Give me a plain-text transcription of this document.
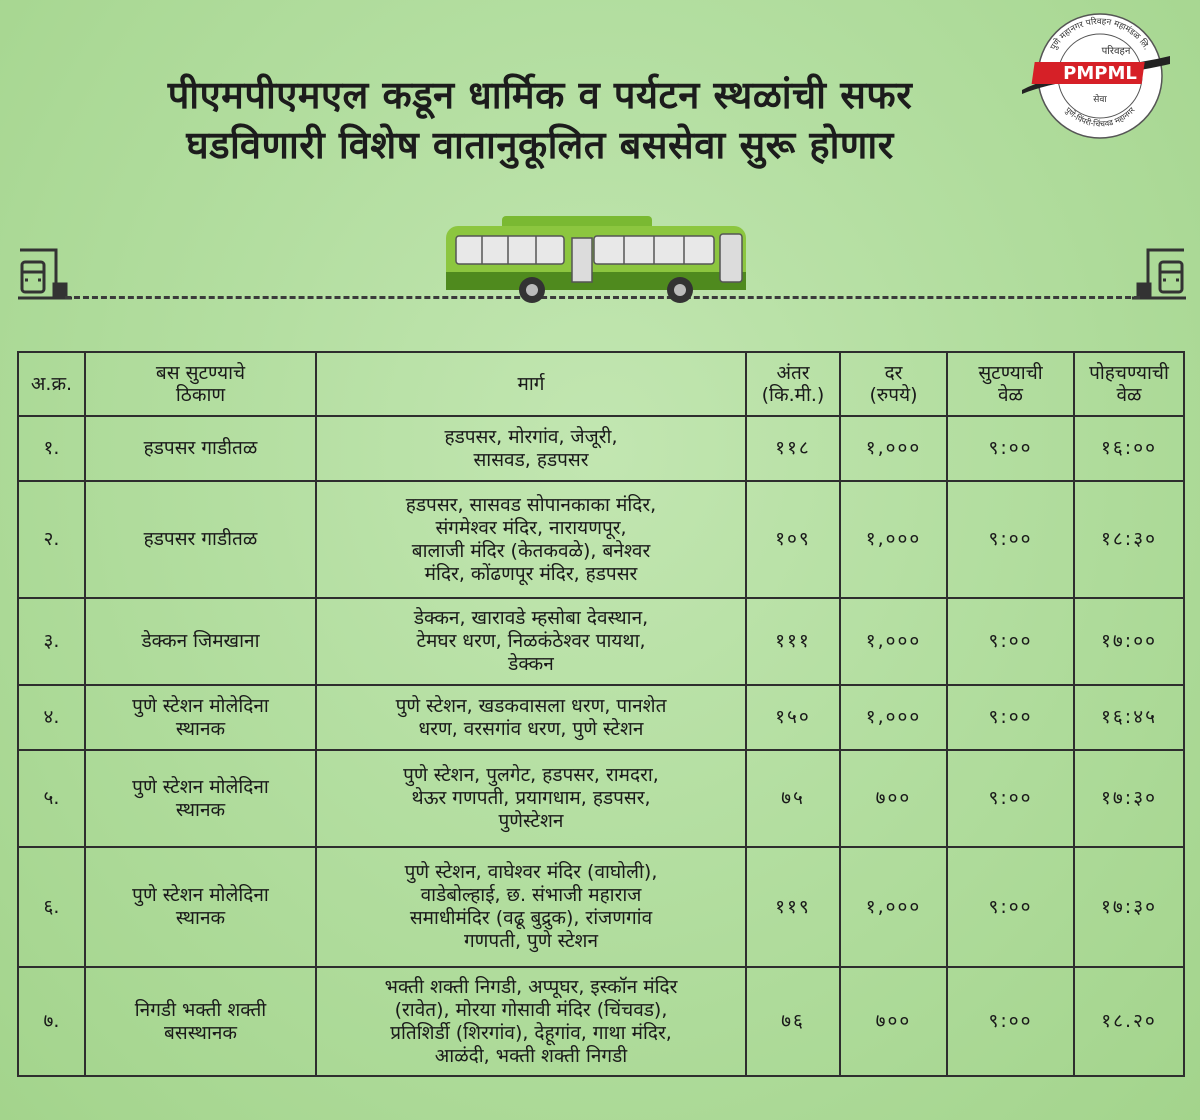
पीएमपीएमएल कडून धार्मिक व पर्यटन स्थळांची सफर
घडविणारी विशेष वातानुकूलित बससेवा सुरू होणार
पुणे महानगर परिवहन महामंडळ लि.
पुणे-पिंपरी-चिंचवड महानगर
परिवहन
PMPML
सेवा
अ.क्र.	बस सुटण्याचे
ठिकाण	मार्ग	अंतर
(कि.मी.)	दर
(रुपये)	सुटण्याची
वेळ	पोहचण्याची
वेळ

१.	हडपसर गाडीतळ	हडपसर, मोरगांव, जेजूरी,
सासवड, हडपसर	११८	१,०००	९:००	१६:००
२.	हडपसर गाडीतळ	हडपसर, सासवड सोपानकाका मंदिर,
संगमेश्वर मंदिर, नारायणपूर,
बालाजी मंदिर (केतकवळे), बनेश्वर
मंदिर, कोंढणपूर मंदिर, हडपसर	१०९	१,०००	९:००	१८:३०
३.	डेक्कन जिमखाना	डेक्कन, खारावडे म्हसोबा देवस्थान,
टेमघर धरण, निळकंठेश्वर पायथा,
डेक्कन	१११	१,०००	९:००	१७:००
४.	पुणे स्टेशन मोलेदिना
स्थानक	पुणे स्टेशन, खडकवासला धरण, पानशेत
धरण, वरसगांव धरण, पुणे स्टेशन	१५०	१,०००	९:००	१६:४५
५.	पुणे स्टेशन मोलेदिना
स्थानक	पुणे स्टेशन, पुलगेट, हडपसर, रामदरा,
थेऊर गणपती, प्रयागधाम, हडपसर,
पुणेस्टेशन	७५	७००	९:००	१७:३०
६.	पुणे स्टेशन मोलेदिना
स्थानक	पुणे स्टेशन, वाघेश्वर मंदिर (वाघोली),
वाडेबोल्हाई, छ. संभाजी महाराज
समाधीमंदिर (वढू बुद्रुक), रांजणगांव
गणपती, पुणे स्टेशन	११९	१,०००	९:००	१७:३०
७.	निगडी भक्ती शक्ती
बसस्थानक	भक्ती शक्ती निगडी, अप्पूघर, इस्कॉन मंदिर
(रावेत), मोरया गोसावी मंदिर (चिंचवड),
प्रतिशिर्डी (शिरगांव), देहूगांव, गाथा मंदिर,
आळंदी, भक्ती शक्ती निगडी	७६	७००	९:००	१८.२०
